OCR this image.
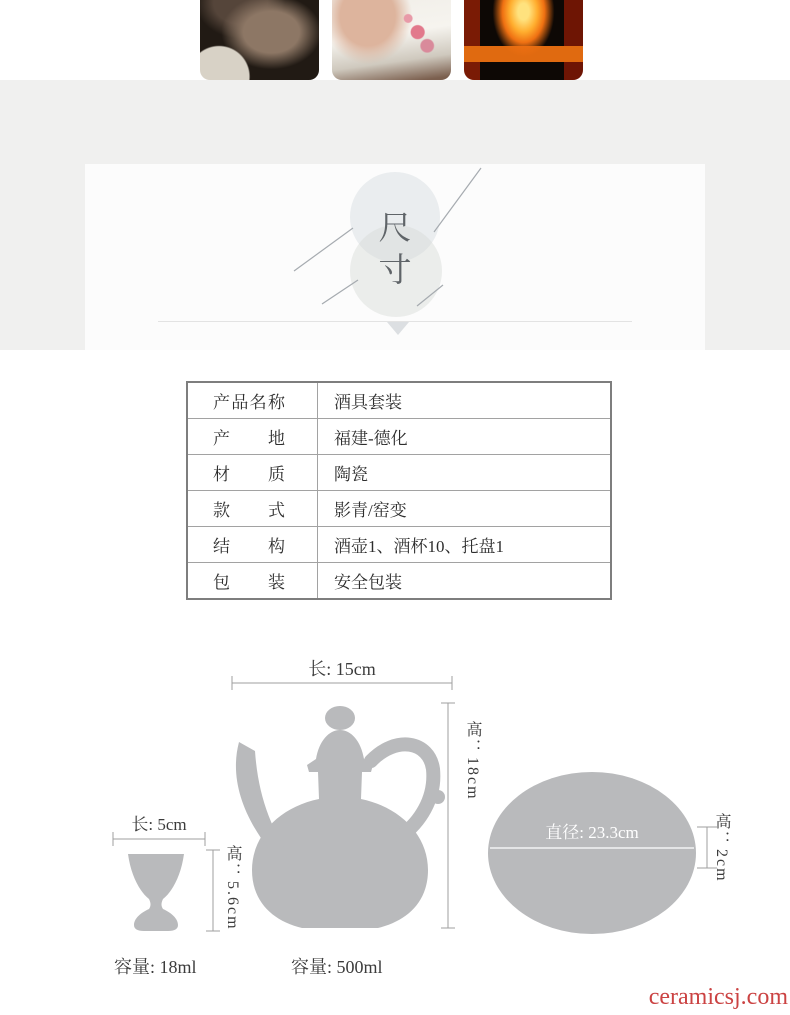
尺寸
产品名称	酒具套装
产地	福建-德化
材质	陶瓷
款式	影青/窑变
结构	酒壶1、酒杯10、托盘1
包装	安全包装
长: 15cm
高：18cm
长: 5cm
高：5.6cm
直径: 23.3cm	高：2cm
容量: 18ml	容量: 500ml
ceramicsj.com
